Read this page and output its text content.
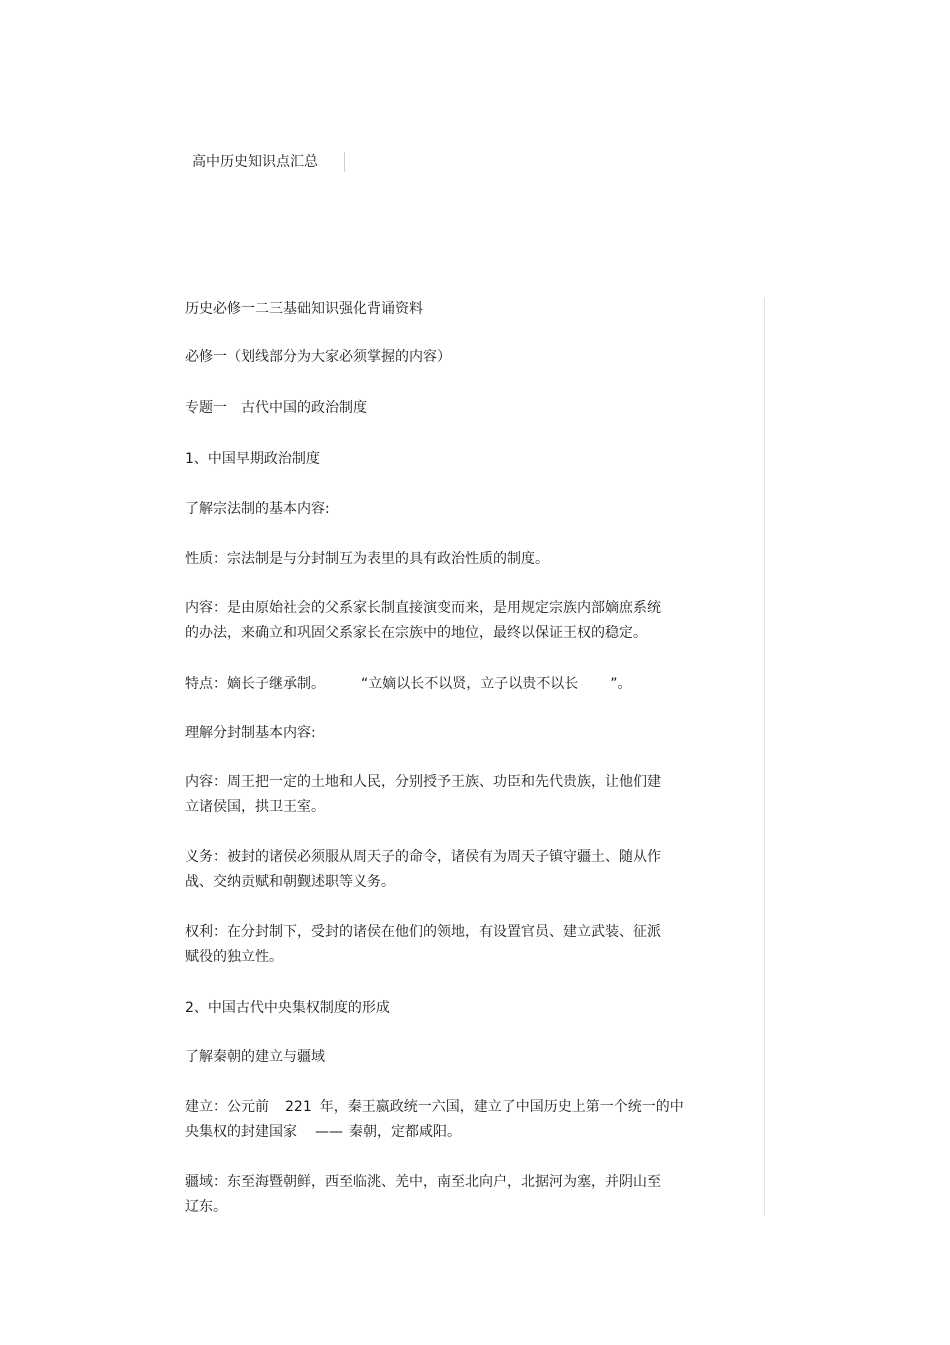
高中历史知识点汇总
历史必修一二三基础知识强化背诵资料
必修一（划线部分为大家必须掌握的内容）
专题一　古代中国的政治制度
1、中国早期政治制度
了解宗法制的基本内容:
性质：宗法制是与分封制互为表里的具有政治性质的制度。
内容：是由原始社会的父系家长制直接演变而来，是用规定宗族内部嫡庶系统
的办法，来确立和巩固父系家长在宗族中的地位，最终以保证王权的稳定。
特点：嫡长子继承制。	“立嫡以长不以贤，立子以贵不以长 ”。
理解分封制基本内容:
内容：周王把一定的土地和人民，分别授予王族、功臣和先代贵族，让他们建
立诸侯国，拱卫王室。
义务：被封的诸侯必须服从周天子的命令，诸侯有为周天子镇守疆土、随从作
战、交纳贡赋和朝觐述职等义务。
权利：在分封制下，受封的诸侯在他们的领地，有设置官员、建立武装、征派
赋役的独立性。
2、中国古代中央集权制度的形成
了解秦朝的建立与疆域
建立：公元前 221 年，秦王嬴政统一六国，建立了中国历史上第一个统一的中
央集权的封建国家 —— 秦朝，定都咸阳。
疆域：东至海暨朝鲜，西至临洮、羌中，南至北向户，北据河为塞，并阴山至
辽东。
